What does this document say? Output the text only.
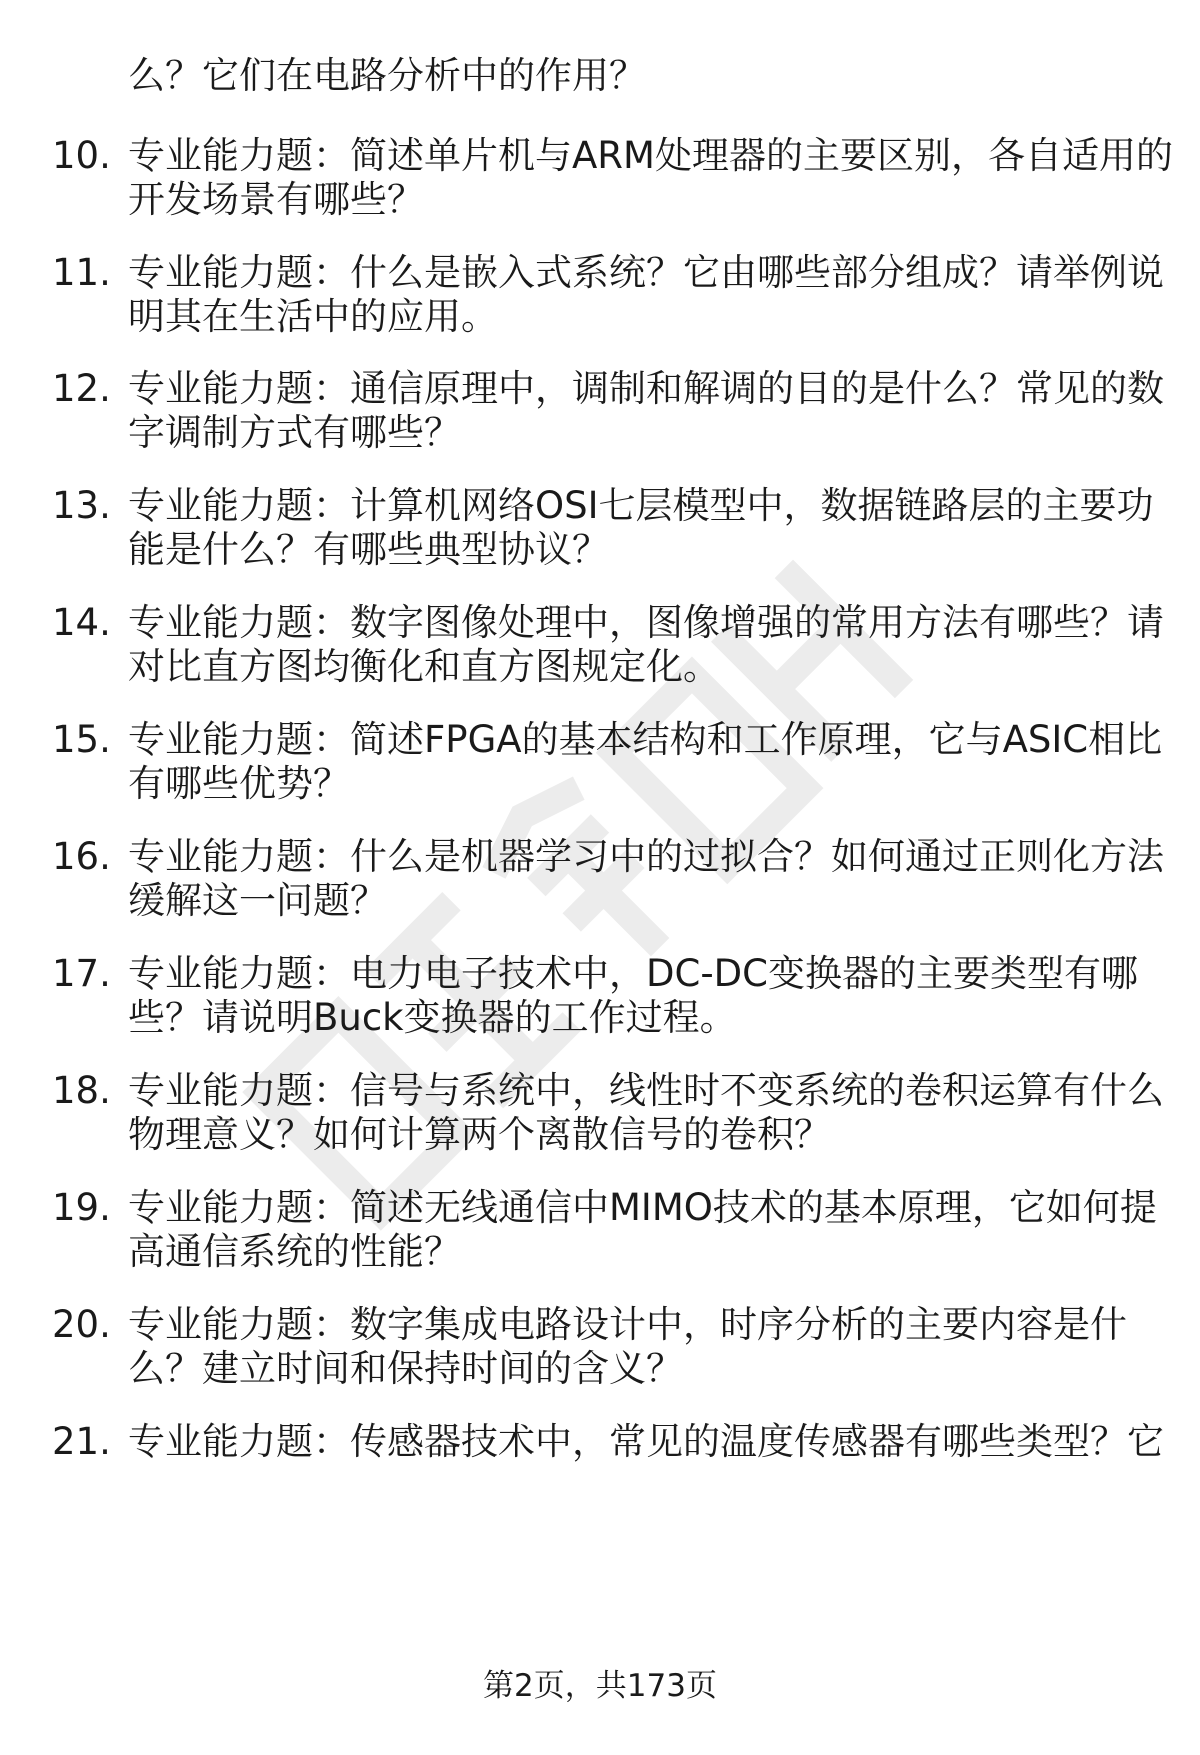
么？它们在电路分析中的作用？
10. 专业能力题：简述单片机与ARM处理器的主要区别，各自适用的
开发场景有哪些？
11. 专业能力题：什么是嵌入式系统？它由哪些部分组成？请举例说
明其在生活中的应用。
12. 专业能力题：通信原理中，调制和解调的目的是什么？常见的数
字调制方式有哪些？
13. 专业能力题：计算机网络OSI七层模型中，数据链路层的主要功
能是什么？有哪些典型协议？
14. 专业能力题：数字图像处理中，图像增强的常用方法有哪些？请
对比直方图均衡化和直方图规定化。
15. 专业能力题：简述FPGA的基本结构和工作原理，它与ASIC相比
有哪些优势？
16. 专业能力题：什么是机器学习中的过拟合？如何通过正则化方法
缓解这一问题？
17. 专业能力题：电力电子技术中，DC-DC变换器的主要类型有哪
些？请说明Buck变换器的工作过程。
18. 专业能力题：信号与系统中，线性时不变系统的卷积运算有什么
物理意义？如何计算两个离散信号的卷积？
19. 专业能力题：简述无线通信中MIMO技术的基本原理，它如何提
高通信系统的性能？
20. 专业能力题：数字集成电路设计中，时序分析的主要内容是什
么？建立时间和保持时间的含义？
21. 专业能力题：传感器技术中，常见的温度传感器有哪些类型？它
第2页，共173页
